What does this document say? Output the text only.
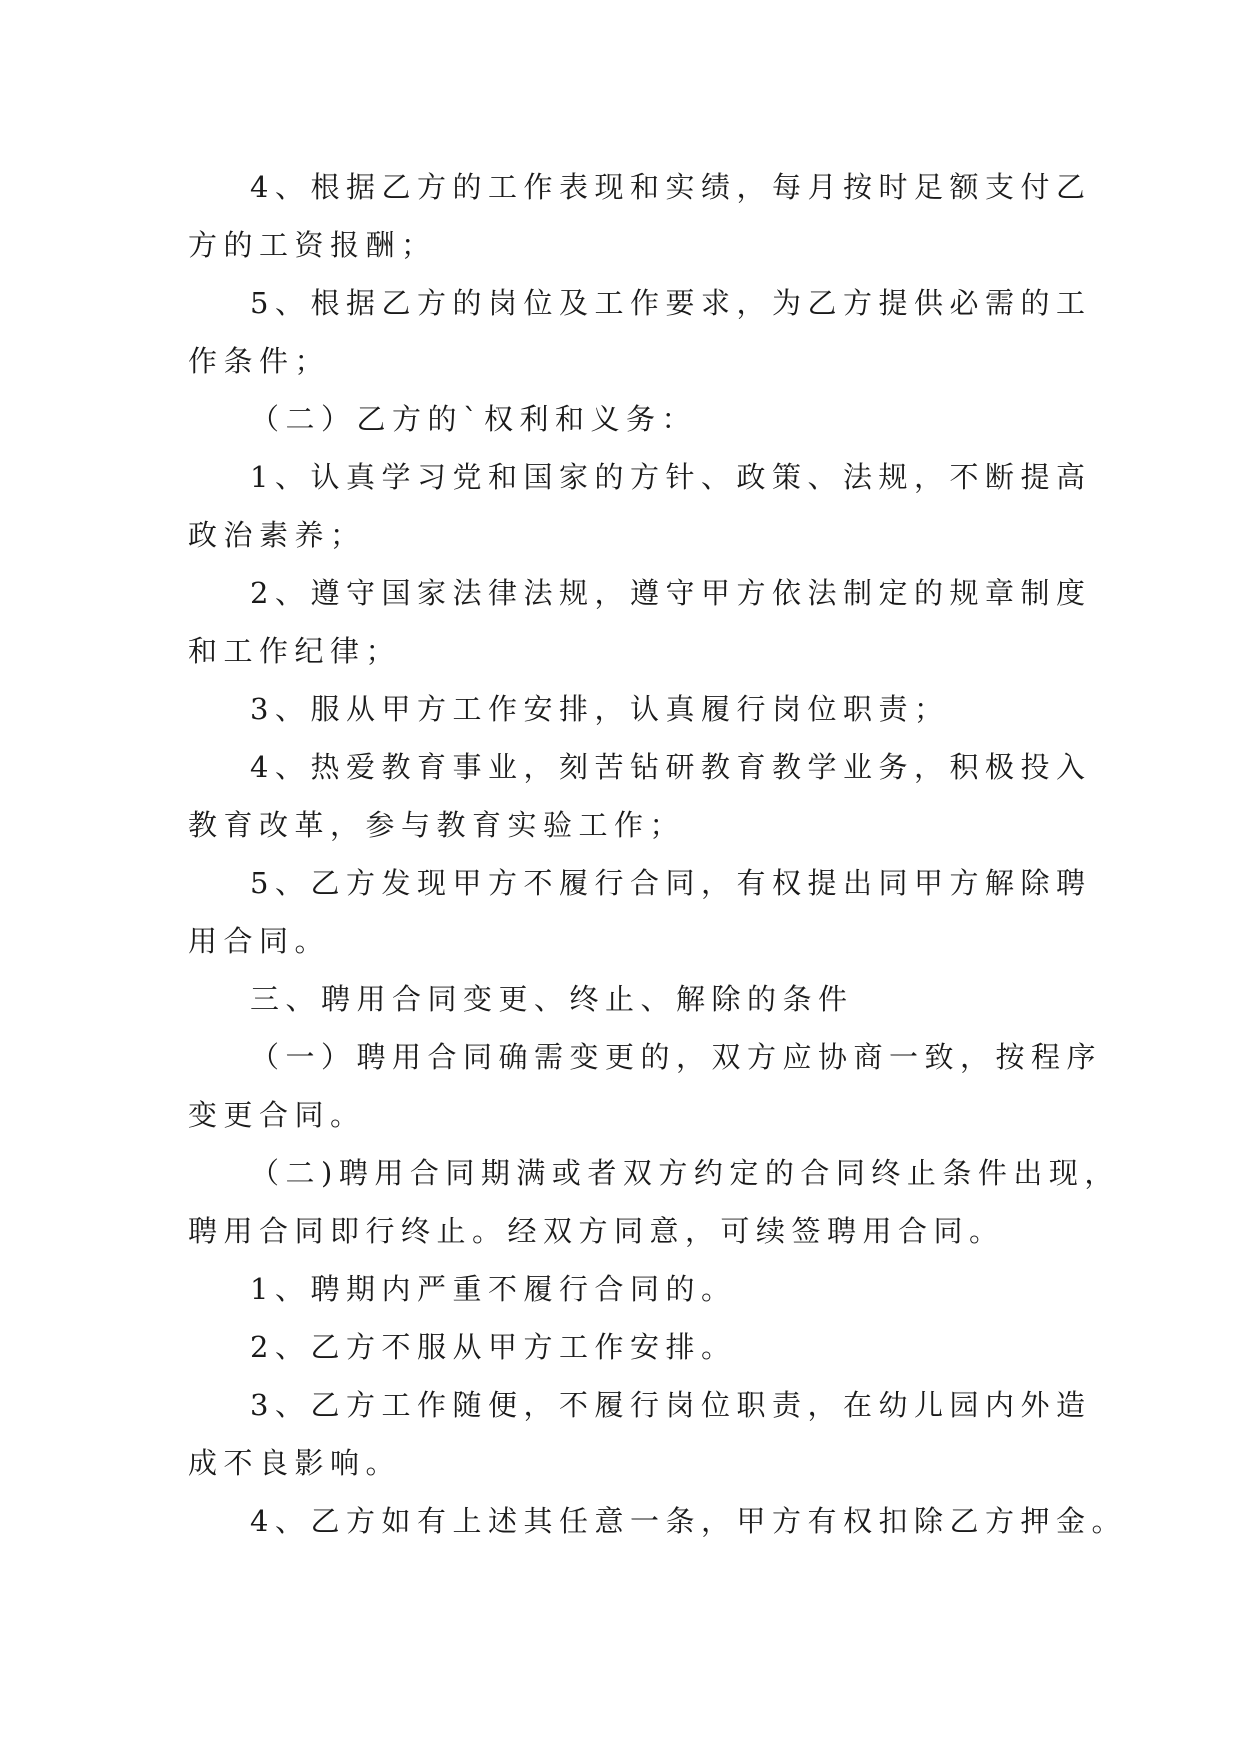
4、根据乙方的工作表现和实绩，每月按时足额支付乙

方的工资报酬；

5、根据乙方的岗位及工作要求，为乙方提供必需的工

作条件；

（二）乙方的`权利和义务：

1、认真学习党和国家的方针、政策、法规，不断提高

政治素养；

2、遵守国家法律法规，遵守甲方依法制定的规章制度

和工作纪律；

3、服从甲方工作安排，认真履行岗位职责；

4、热爱教育事业，刻苦钻研教育教学业务，积极投入

教育改革，参与教育实验工作；

5、乙方发现甲方不履行合同，有权提出同甲方解除聘

用合同。

三、聘用合同变更、终止、解除的条件

（一）聘用合同确需变更的，双方应协商一致，按程序

变更合同。

（二)聘用合同期满或者双方约定的合同终止条件出现，

聘用合同即行终止。经双方同意，可续签聘用合同。

1、聘期内严重不履行合同的。

2、乙方不服从甲方工作安排。

3、乙方工作随便，不履行岗位职责，在幼儿园内外造

成不良影响。

4、乙方如有上述其任意一条，甲方有权扣除乙方押金。
